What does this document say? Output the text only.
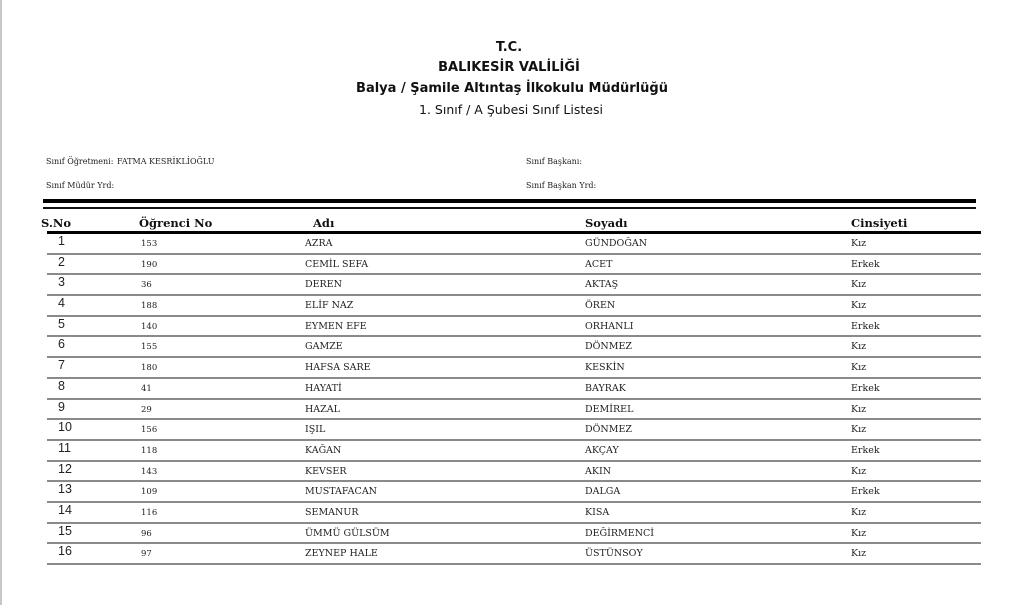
T.C.
BALIKESİR VALİLİĞİ
Balya / Şamile Altıntaş İlkokulu Müdürlüğü
1. Sınıf / A Şubesi Sınıf Listesi
Sınıf Öğretmeni: FATMA KESRİKLİOĞLU
Sınıf Müdür Yrd:
Sınıf Başkanı:
Sınıf Başkan Yrd:
S.No	Öğrenci No	Adı	Soyadı	Cinsiyeti
1	153	AZRA	GÜNDOĞAN	Kız
2	190	CEMİL SEFA	ACET	Erkek
3	36	DEREN	AKTAŞ	Kız
4	188	ELİF NAZ	ÖREN	Kız
5	140	EYMEN EFE	ORHANLI	Erkek
6	155	GAMZE	DÖNMEZ	Kız
7	180	HAFSA SARE	KESKİN	Kız
8	41	HAYATİ	BAYRAK	Erkek
9	29	HAZAL	DEMİREL	Kız
10	156	IŞIL	DÖNMEZ	Kız
11	118	KAĞAN	AKÇAY	Erkek
12	143	KEVSER	AKIN	Kız
13	109	MUSTAFACAN	DALGA	Erkek
14	116	SEMANUR	KISA	Kız
15	96	ÜMMÜ GÜLSÜM	DEĞİRMENCİ	Kız
16	97	ZEYNEP HALE	ÜSTÜNSOY	Kız
